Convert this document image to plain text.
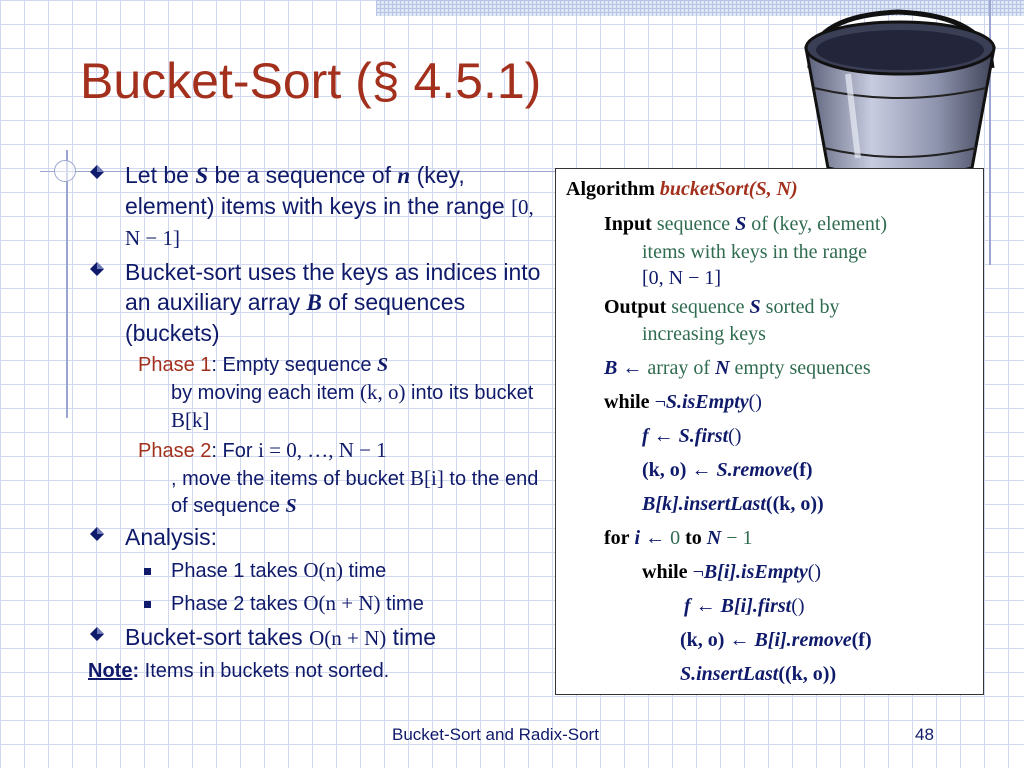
Bucket-Sort (§ 4.5.1)
Let be S be a sequence of n (key, element) items with keys in the range [0, N − 1]
Bucket-sort uses the keys as indices into an auxiliary array B of sequences (buckets)
Phase 1: Empty sequence S
by moving each item (k, o) into its bucket B[k]
Phase 2: For i = 0, …, N − 1
, move the items of bucket B[i] to the end of sequence S
Analysis:
Phase 1 takes O(n) time
Phase 2 takes O(n + N) time
Bucket-sort takes O(n + N) time
Note: Items in buckets not sorted.
Algorithm bucketSort(S, N)
Input sequence S of (key, element)
items with keys in the range
[0, N − 1]
Output sequence S sorted by
increasing keys
B ← array of N empty sequences
while ¬S.isEmpty()
f ← S.first()
(k, o) ← S.remove(f)
B[k].insertLast((k, o))
for i ← 0 to N − 1
while ¬B[i].isEmpty()
f ← B[i].first()
(k, o) ← B[i].remove(f)
S.insertLast((k, o))
Bucket-Sort and Radix-Sort	48
